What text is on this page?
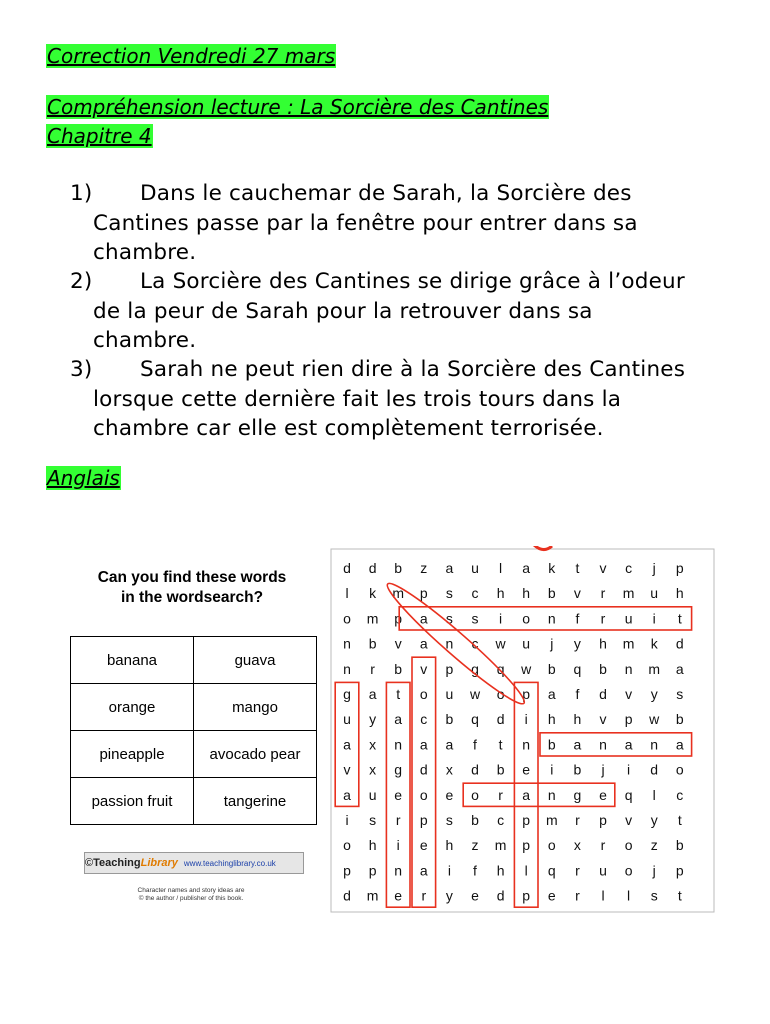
Correction Vendredi 27 mars
Compréhension lecture : La Sorcière des Cantines
Chapitre 4
1) Dans le cauchemar de Sarah, la Sorcière des
Cantines passe par la fenêtre pour entrer dans sa
chambre.
2) La Sorcière des Cantines se dirige grâce à l’odeur
de la peur de Sarah pour la retrouver dans sa
chambre.
3) Sarah ne peut rien dire à la Sorcière des Cantines
lorsque cette dernière fait les trois tours dans la
chambre car elle est complètement terrorisée.
Anglais
Can you find these words
in the wordsearch?
banana	guava
orange	mango
pineapple	avocado pear
passion fruit	tangerine
©TeachingLibrary www.teachinglibrary.co.uk
Character names and story ideas are
© the author / publisher of this book.
d d b z a u l a k t v c j p
l k m p s c h h b v r m u h
o m p a s s i o n f r u i t
n b v a n c w u j y h m k d
n r b v p g q w b q b n m a
g a t o u w o p a f d v y s
u y a c b q d i h h v p w b
a x n a a f t n b a n a n a
v x g d x d b e i b j i d o
a u e o e o r a n g e q l c
i s r p s b c p m r p v y t
o h i e h z m p o x r o z b
p p n a i f h l q r u o j p
d m e r y e d p e r l l s t
